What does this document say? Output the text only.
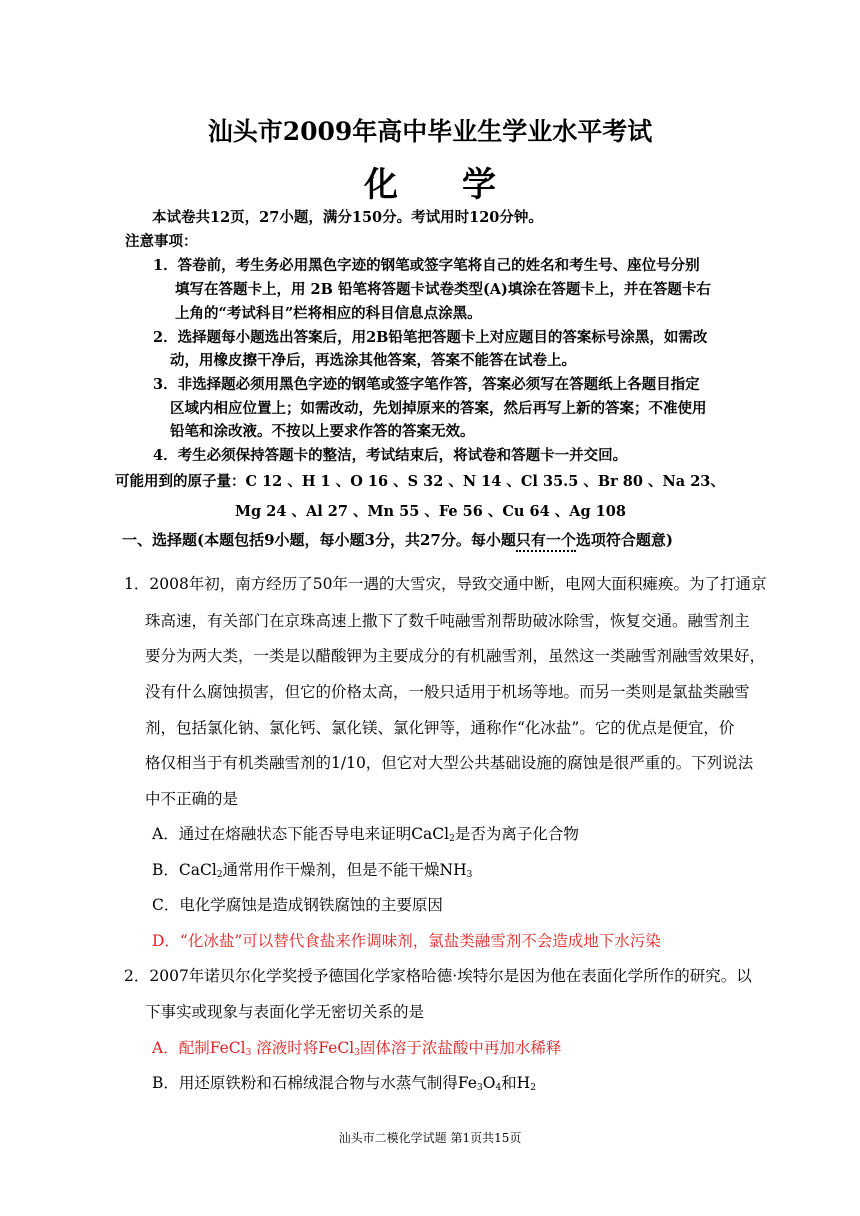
汕头市2009年高中毕业生学业水平考试
化学
本试卷共12页，27小题，满分150分。考试用时120分钟。
注意事项：
1．答卷前，考生务必用黑色字迹的钢笔或签字笔将自己的姓名和考生号、座位号分别
填写在答题卡上，用 2B 铅笔将答题卡试卷类型(A)填涂在答题卡上，并在答题卡右
上角的“考试科目”栏将相应的科目信息点涂黑。
2．选择题每小题选出答案后，用2B铅笔把答题卡上对应题目的答案标号涂黑，如需改
动，用橡皮擦干净后，再选涂其他答案，答案不能答在试卷上。
3．非选择题必须用黑色字迹的钢笔或签字笔作答，答案必须写在答题纸上各题目指定
区域内相应位置上；如需改动，先划掉原来的答案，然后再写上新的答案；不准使用
铅笔和涂改液。不按以上要求作答的答案无效。
4．考生必须保持答题卡的整洁，考试结束后，将试卷和答题卡一并交回。
可能用到的原子量：C 12 、H 1 、O 16 、S 32 、N 14 、Cl 35.5 、Br 80 、Na 23、
Mg 24 、Al 27 、Mn 55 、Fe 56 、Cu 64 、Ag 108
一、选择题(本题包括9小题，每小题3分，共27分。每小题只有一个选项符合题意)
1．2008年初，南方经历了50年一遇的大雪灾，导致交通中断，电网大面积瘫痪。为了打通京
珠高速，有关部门在京珠高速上撒下了数千吨融雪剂帮助破冰除雪，恢复交通。融雪剂主
要分为两大类，一类是以醋酸钾为主要成分的有机融雪剂，虽然这一类融雪剂融雪效果好，
没有什么腐蚀损害，但它的价格太高，一般只适用于机场等地。而另一类则是氯盐类融雪
剂，包括氯化钠、氯化钙、氯化镁、氯化钾等，通称作“化冰盐”。它的优点是便宜，价
格仅相当于有机类融雪剂的1/10，但它对大型公共基础设施的腐蚀是很严重的。下列说法
中不正确的是
A．通过在熔融状态下能否导电来证明CaCl$_2$是否为离子化合物
B．CaCl$_2$通常用作干燥剂，但是不能干燥$NH_3$
C．电化学腐蚀是造成钢铁腐蚀的主要原因
D．“化冰盐”可以替代食盐来作调味剂，氯盐类融雪剂不会造成地下水污染
2．2007年诺贝尔化学奖授予德国化学家格哈德·埃特尔是因为他在表面化学所作的研究。以
下事实或现象与表面化学无密切关系的是
A．配制FeCl$_3$ 溶液时将FeCl$_3$固体溶于浓盐酸中再加水稀释
B．用还原铁粉和石棉绒混合物与水蒸气制得$Fe_3O_4$和$H_2$
汕头市二模化学试题 第1页共15页
